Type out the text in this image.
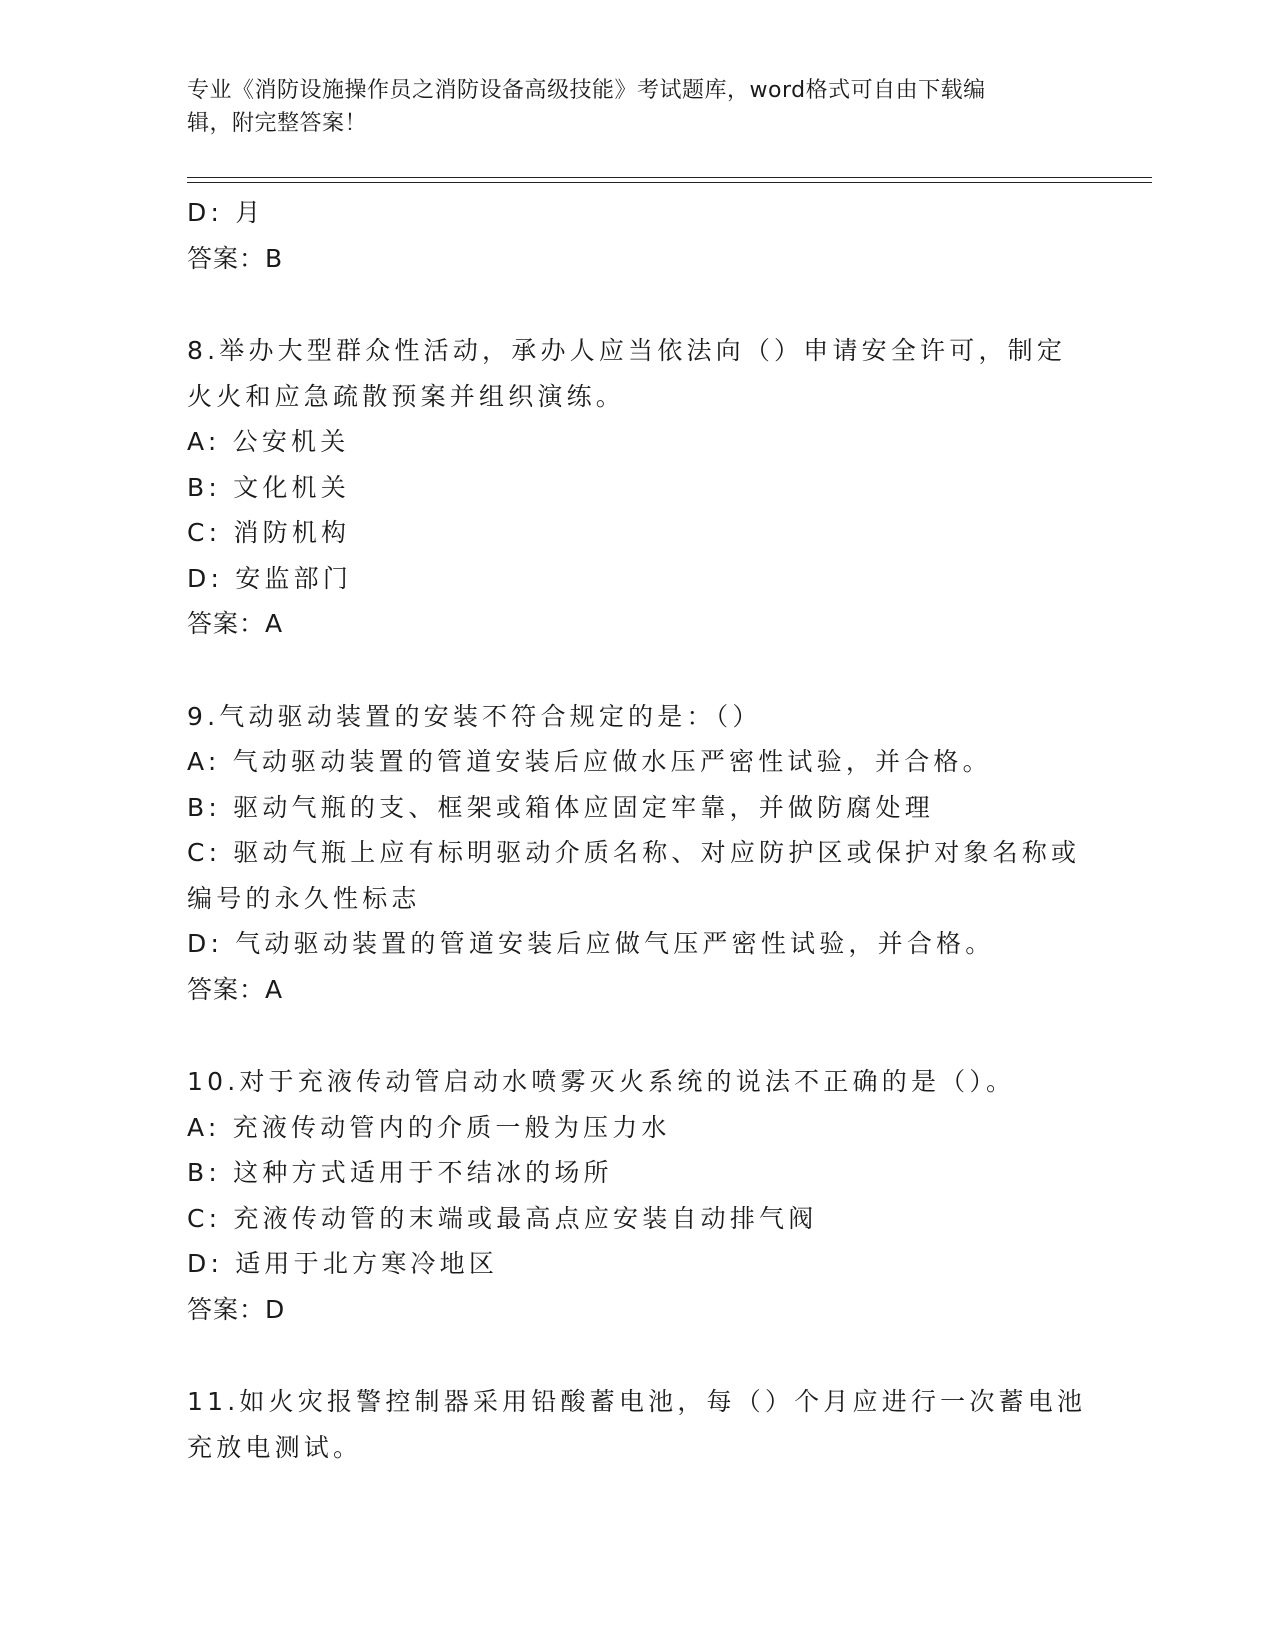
专业《消防设施操作员之消防设备高级技能》考试题库，word格式可自由下载编
辑，附完整答案！
D: 月
答案：B
8.举办大型群众性活动，承办人应当依法向（）申请安全许可，制定
火火和应急疏散预案并组织演练。
A: 公安机关
B: 文化机关
C: 消防机构
D: 安监部门
答案：A
9.气动驱动装置的安装不符合规定的是：（）
A: 气动驱动装置的管道安装后应做水压严密性试验，并合格。
B: 驱动气瓶的支、框架或箱体应固定牢靠，并做防腐处理
C: 驱动气瓶上应有标明驱动介质名称、对应防护区或保护对象名称或
编号的永久性标志
D: 气动驱动装置的管道安装后应做气压严密性试验，并合格。
答案：A
10.对于充液传动管启动水喷雾灭火系统的说法不正确的是（）。
A: 充液传动管内的介质一般为压力水
B: 这种方式适用于不结冰的场所
C: 充液传动管的末端或最高点应安装自动排气阀
D: 适用于北方寒冷地区
答案：D
11.如火灾报警控制器采用铅酸蓄电池，每（）个月应进行一次蓄电池
充放电测试。
